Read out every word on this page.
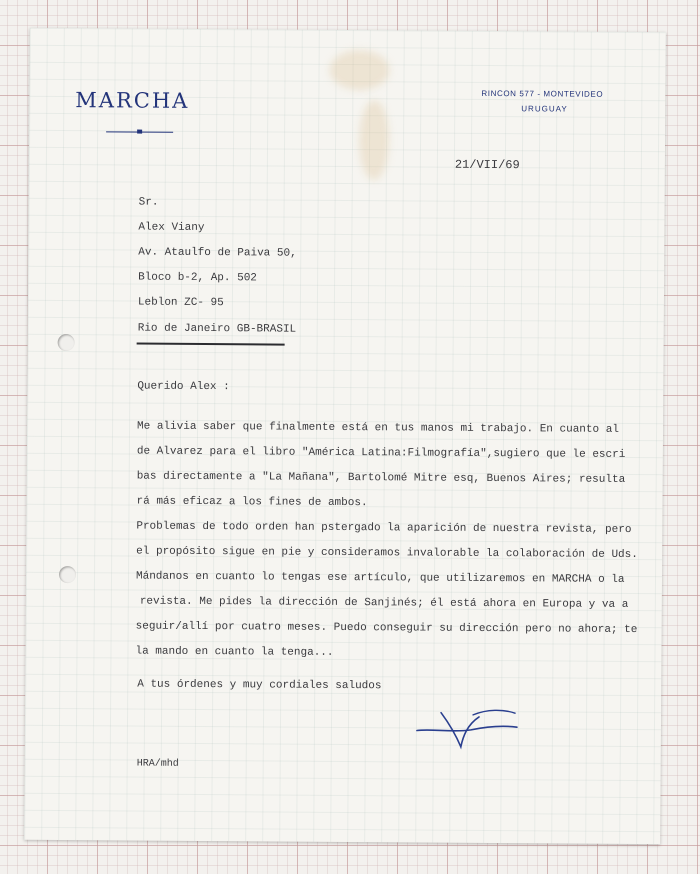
MARCHA	RINCON 577 - MONTEVIDEO
URUGUAY
21/VII/69
Sr.
Alex Viany
Av. Ataulfo de Paiva 50,
Bloco b-2, Ap. 502
Leblon ZC- 95
Rio de Janeiro GB-BRASIL
Querido Alex :
Me alivia saber que finalmente está en tus manos mi trabajo. En cuanto al
de Alvarez para el libro "América Latina:Filmografía",sugiero que le escri
bas directamente a "La Mañana", Bartolomé Mitre esq, Buenos Aires; resulta
rá más eficaz a los fines de ambos.
Problemas de todo orden han pstergado la aparición de nuestra revista, pero
el propósito sigue en pie y consideramos invalorable la colaboración de Uds.
Mándanos en cuanto lo tengas ese artículo, que utilizaremos en MARCHA o la
revista. Me pides la dirección de Sanjinés; él está ahora en Europa y va a
seguir/allí por cuatro meses. Puedo conseguir su dirección pero no ahora; te
la mando en cuanto la tenga...
A tus órdenes y muy cordiales saludos
HRA/mhd
